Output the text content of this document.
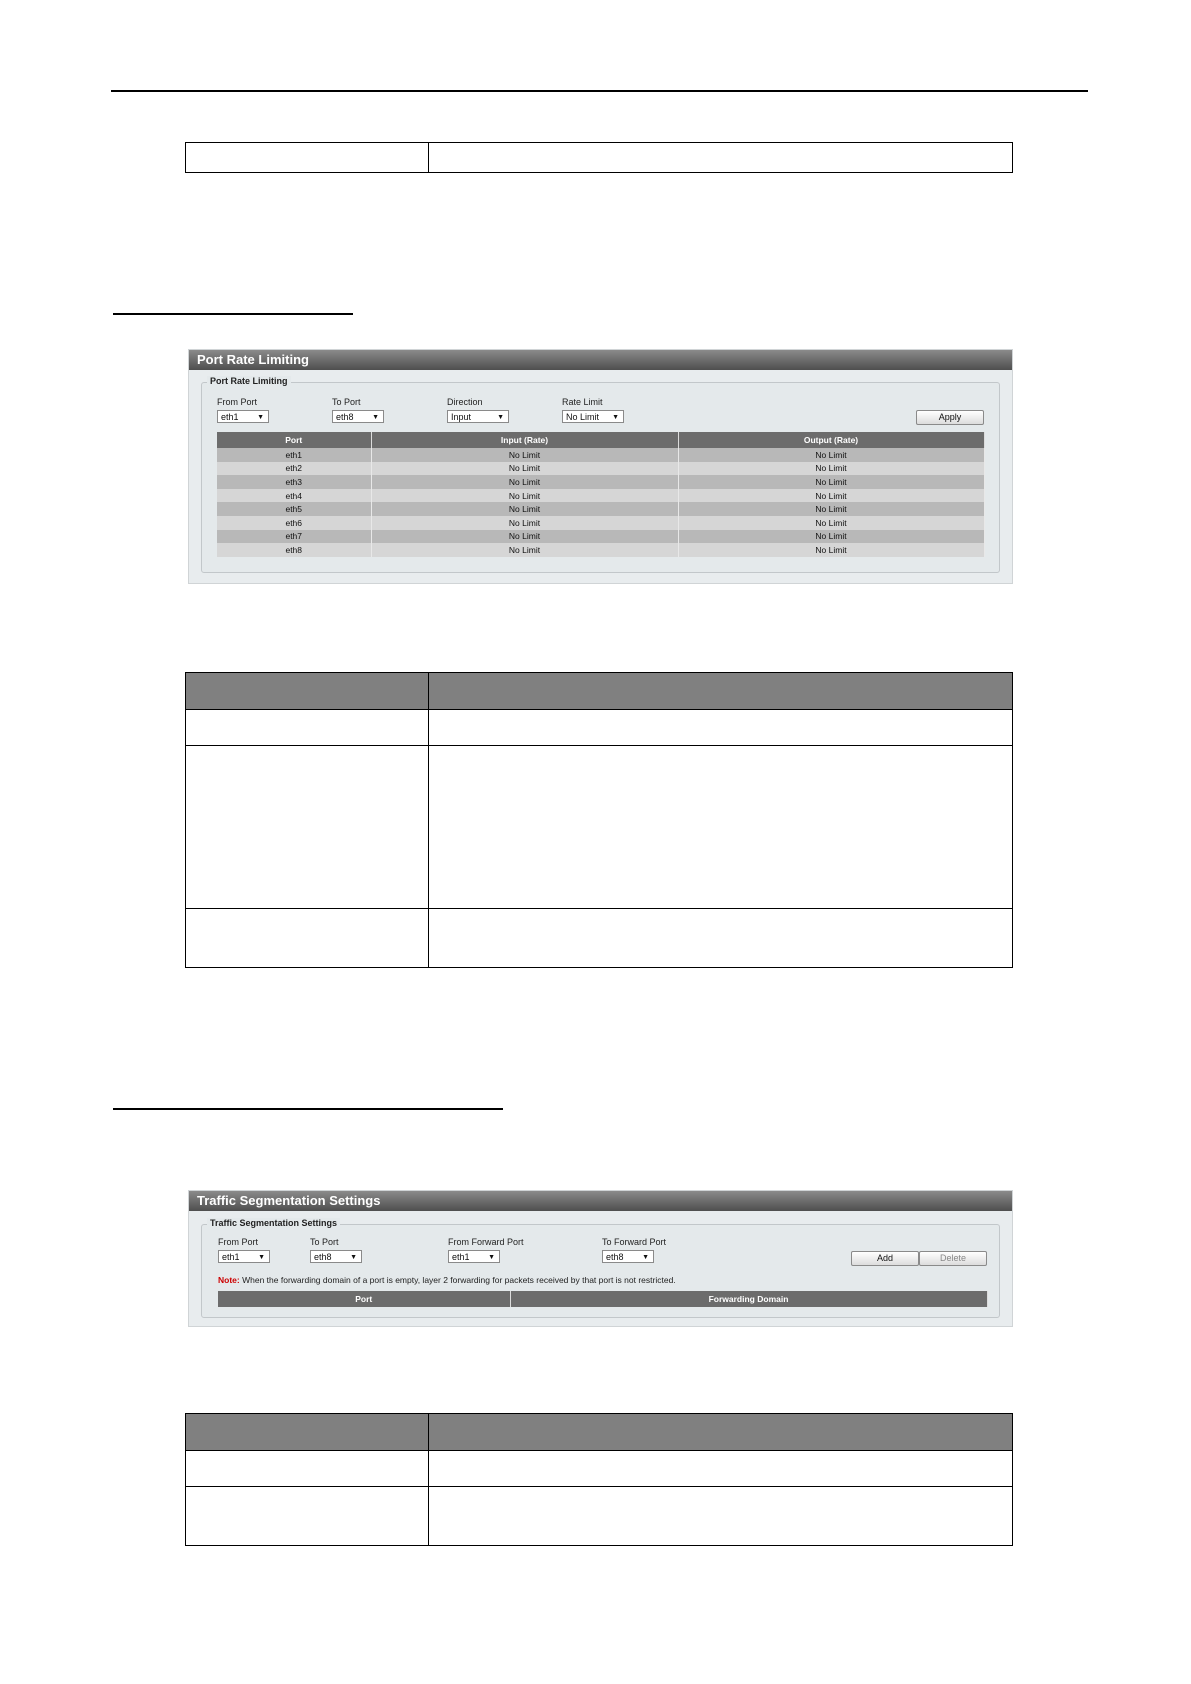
Port Rate Limiting
Port Rate Limiting
From Port
eth1	▼
To Port
eth8	▼
Direction
Input	▼
Rate Limit
No Limit ▼	Apply
Port	Input (Rate)	Output (Rate)
eth1	No Limit	No Limit
eth2	No Limit	No Limit
eth3	No Limit	No Limit
eth4	No Limit	No Limit
eth5	No Limit	No Limit
eth6	No Limit	No Limit
eth7	No Limit	No Limit
eth8	No Limit	No Limit

Traffic Segmentation Settings
Traffic Segmentation Settings
From Port
eth1	▼
To Port
eth8	▼
From Forward Port
eth1	▼
To Forward Port
eth8	▼	Add	Delete
Note: When the forwarding domain of a port is empty, layer 2 forwarding for packets received by that port is not restricted.
Port	Forwarding Domain
